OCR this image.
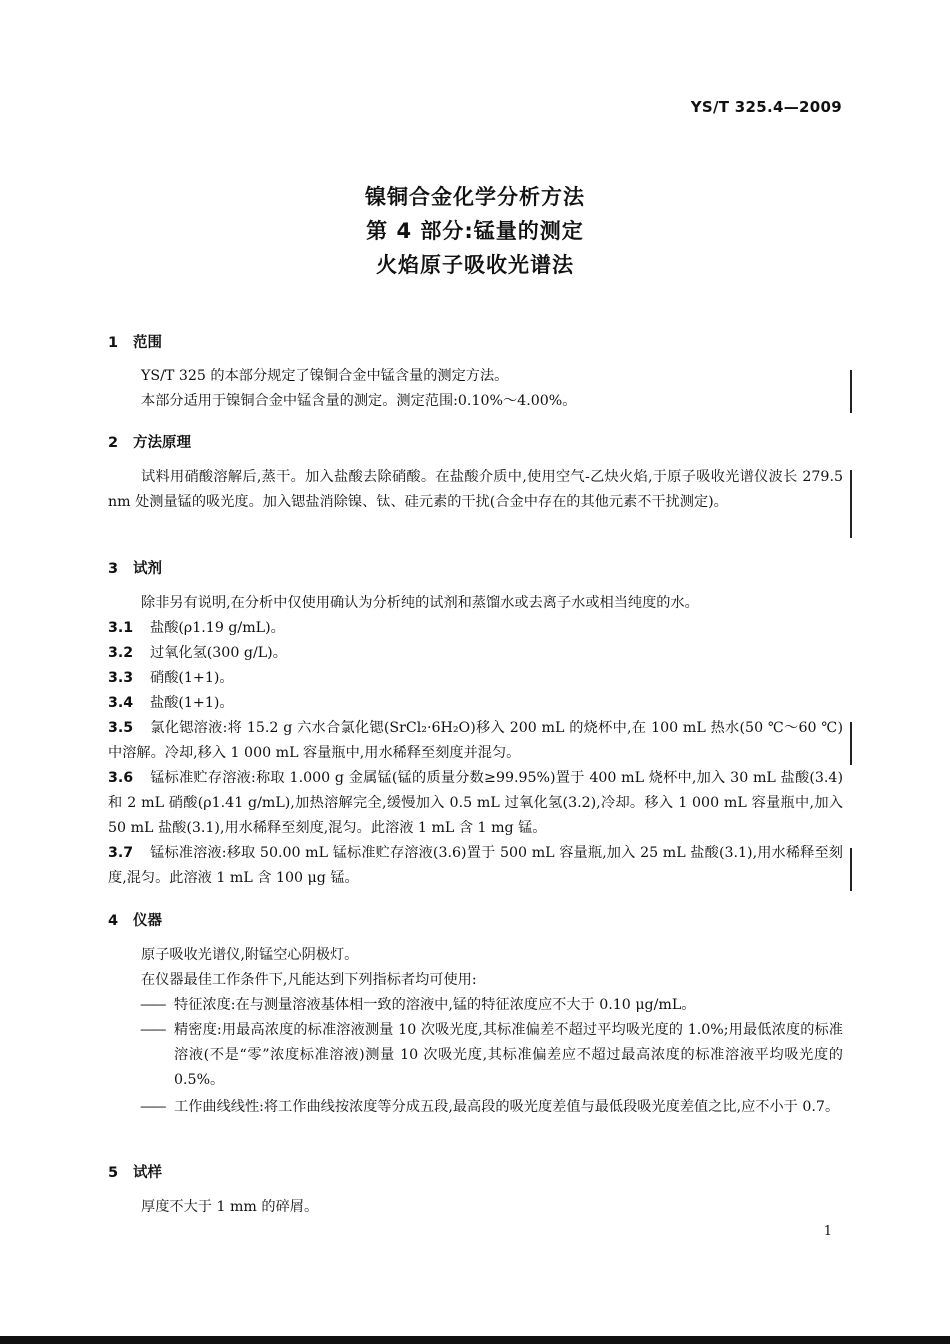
YS/T 325.4—2009
镍铜合金化学分析方法
第 4 部分:锰量的测定
火焰原子吸收光谱法
1 范围
YS/T 325 的本部分规定了镍铜合金中锰含量的测定方法。
本部分适用于镍铜合金中锰含量的测定。测定范围:0.10%～4.00%。
2 方法原理
试料用硝酸溶解后,蒸干。加入盐酸去除硝酸。在盐酸介质中,使用空气-乙炔火焰,于原子吸收光谱仪波长 279.5 nm 处测量锰的吸光度。加入锶盐消除镍、钛、硅元素的干扰(合金中存在的其他元素不干扰测定)。
3 试剂
除非另有说明,在分析中仅使用确认为分析纯的试剂和蒸馏水或去离子水或相当纯度的水。
3.1 盐酸(ρ1.19 g/mL)。
3.2 过氧化氢(300 g/L)。
3.3 硝酸(1+1)。
3.4 盐酸(1+1)。
3.5 氯化锶溶液:将 15.2 g 六水合氯化锶(SrCl₂·6H₂O)移入 200 mL 的烧杯中,在 100 mL 热水(50 ℃～60 ℃)中溶解。冷却,移入 1 000 mL 容量瓶中,用水稀释至刻度并混匀。
3.6 锰标准贮存溶液:称取 1.000 g 金属锰(锰的质量分数≥99.95%)置于 400 mL 烧杯中,加入 30 mL 盐酸(3.4)和 2 mL 硝酸(ρ1.41 g/mL),加热溶解完全,缓慢加入 0.5 mL 过氧化氢(3.2),冷却。移入 1 000 mL 容量瓶中,加入 50 mL 盐酸(3.1),用水稀释至刻度,混匀。此溶液 1 mL 含 1 mg 锰。
3.7 锰标准溶液:移取 50.00 mL 锰标准贮存溶液(3.6)置于 500 mL 容量瓶,加入 25 mL 盐酸(3.1),用水稀释至刻度,混匀。此溶液 1 mL 含 100 μg 锰。
4 仪器
原子吸收光谱仪,附锰空心阴极灯。
在仪器最佳工作条件下,凡能达到下列指标者均可使用:
—— 特征浓度:在与测量溶液基体相一致的溶液中,锰的特征浓度应不大于 0.10 μg/mL。
—— 精密度:用最高浓度的标准溶液测量 10 次吸光度,其标准偏差不超过平均吸光度的 1.0%;用最低浓度的标准溶液(不是“零”浓度标准溶液)测量 10 次吸光度,其标准偏差应不超过最高浓度的标准溶液平均吸光度的 0.5%。
—— 工作曲线线性:将工作曲线按浓度等分成五段,最高段的吸光度差值与最低段吸光度差值之比,应不小于 0.7。
5 试样
厚度不大于 1 mm 的碎屑。
1
